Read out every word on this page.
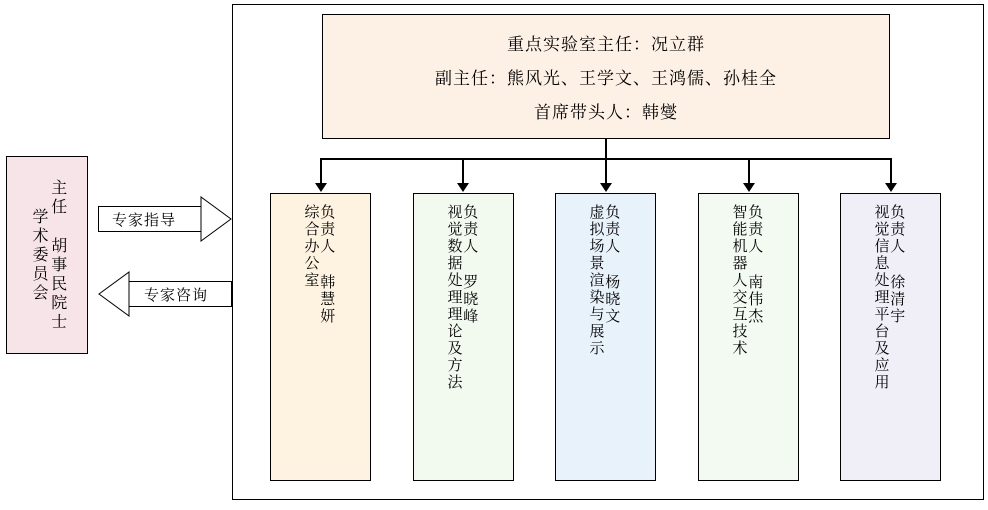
主任 胡事民院士
学术委员会	专家指导
专家咨询
重点实验室主任：况立群
副主任：熊风光、王学文、王鸿儒、孙桂全
首席带头人：韩燮
负责人 韩慧妍
综合办公室	负责人 罗晓峰
视觉数据处理理论及方法	负责人 杨晓文
虚拟场景渲染与展示	负责人 南伟杰
智能机器人交互技术	负责人 徐清宇
视觉信息处理平台及应用
